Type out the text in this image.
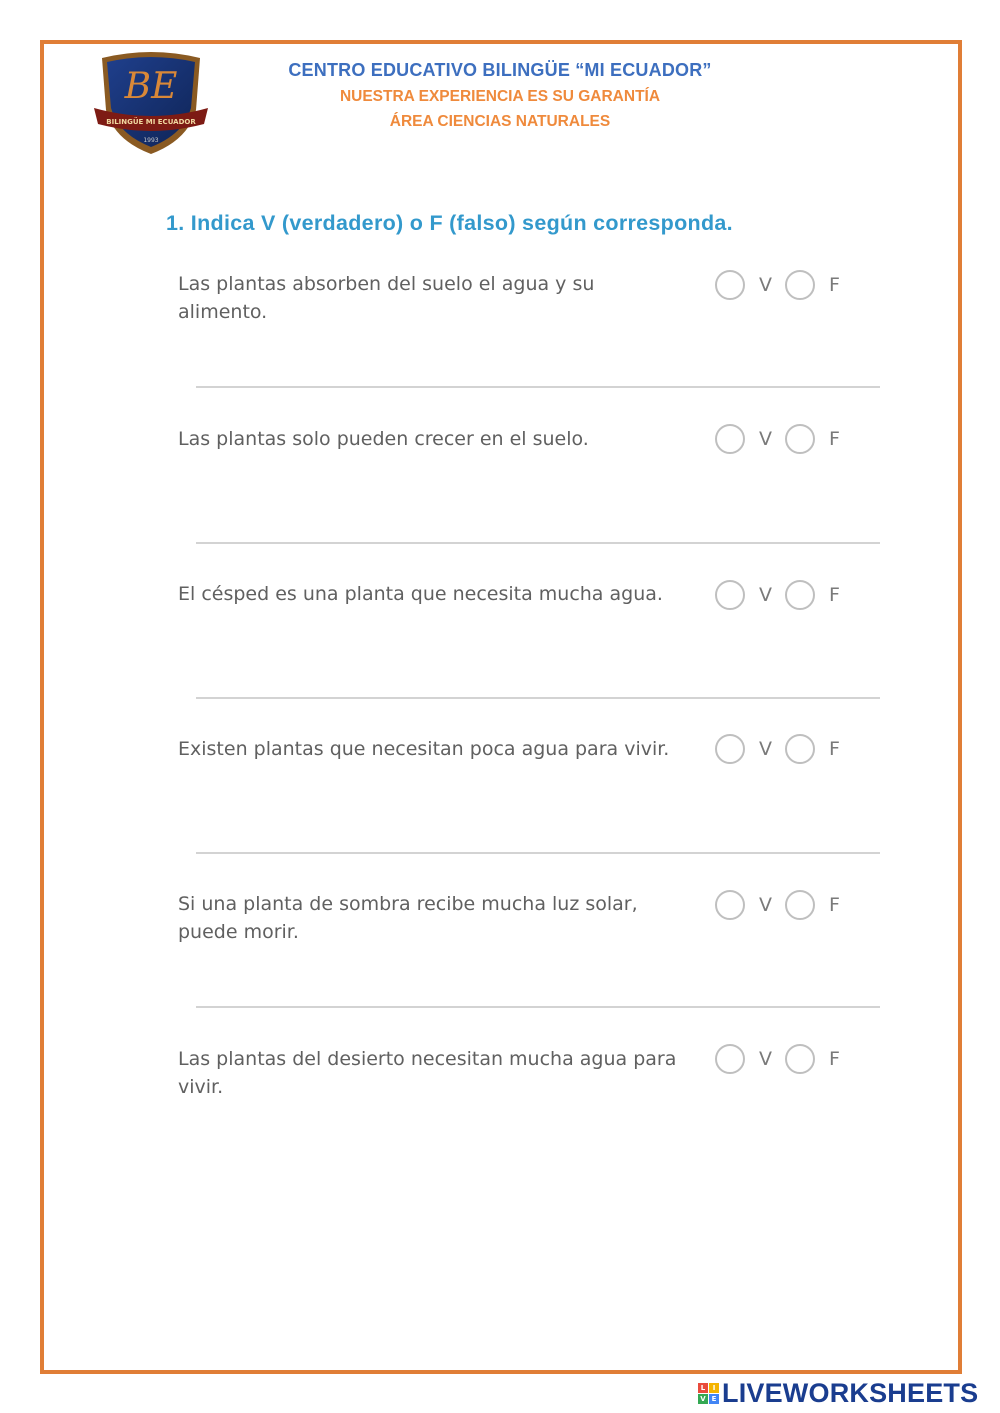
BE
BILINGÜE MI ECUADOR
1993
CENTRO EDUCATIVO BILINGÜE “MI ECUADOR”
NUESTRA EXPERIENCIA ES SU GARANTÍA
ÁREA CIENCIAS NATURALES
1. Indica V (verdadero) o F (falso) según corresponda.
Las plantas absorben del suelo el agua y su alimento.
V	F
Las plantas solo pueden crecer en el suelo.	V	F
El césped es una planta que necesita mucha agua.	V	F
Existen plantas que necesitan poca agua para vivir.	V	F
Si una planta de sombra recibe mucha luz solar, puede morir.
V	F
Las plantas del desierto necesitan mucha agua para vivir.
V	F
L	I
V E LIVEWORKSHEETS
